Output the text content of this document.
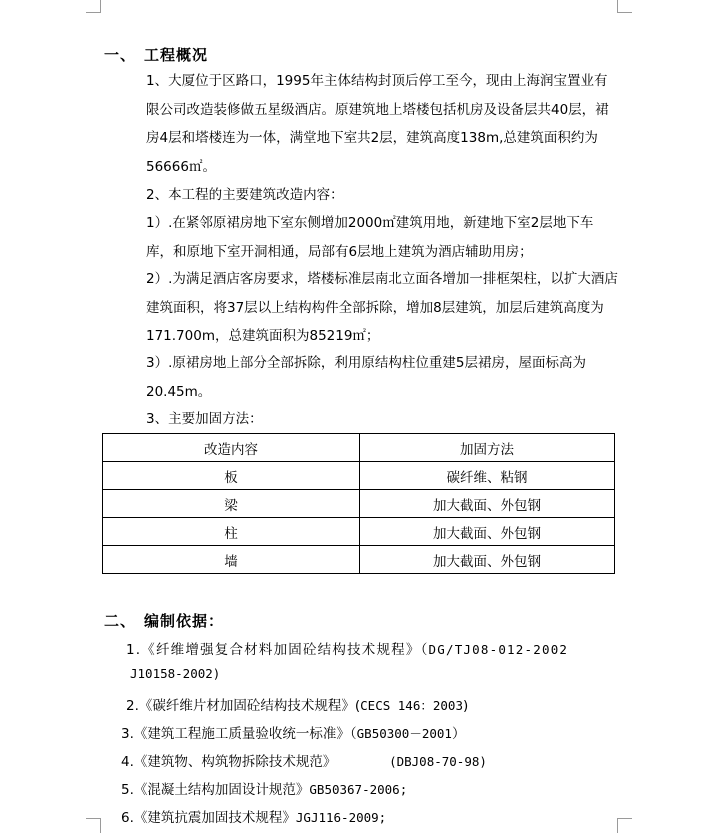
一、 工程概况
1、大厦位于区路口，1995年主体结构封顶后停工至今，现由上海润宝置业有限公司改造装修做五星级酒店。原建筑地上塔楼包括机房及设备层共40层，裙房4层和塔楼连为一体，满堂地下室共2层，建筑高度138m,总建筑面积约为56666㎡。
2、本工程的主要建筑改造内容：
1）.在紧邻原裙房地下室东侧增加2000㎡建筑用地，新建地下室2层地下车库，和原地下室开洞相通，局部有6层地上建筑为酒店辅助用房；
2）.为满足酒店客房要求，塔楼标准层南北立面各增加一排框架柱，以扩大酒店建筑面积，将37层以上结构构件全部拆除，增加8层建筑，加层后建筑高度为171.700m，总建筑面积为85219㎡；
3）.原裙房地上部分全部拆除，利用原结构柱位重建5层裙房，屋面标高为20.45m。
3、主要加固方法：
改造内容	加固方法
板	碳纤维、粘钢
梁	加大截面、外包钢
柱	加大截面、外包钢
墙	加大截面、外包钢
二、 编制依据：
1.《纤维增强复合材料加固砼结构技术规程》（DG/TJ08-012-2002
J10158-2002)
2.《碳纤维片材加固砼结构技术规程》(CECS 146：2003)
3.《建筑工程施工质量验收统一标准》（GB50300－2001）
4.《建筑物、构筑物拆除技术规范》       (DBJ08-70-98)
5.《混凝土结构加固设计规范》GB50367-2006;
6.《建筑抗震加固技术规程》JGJ116-2009;
